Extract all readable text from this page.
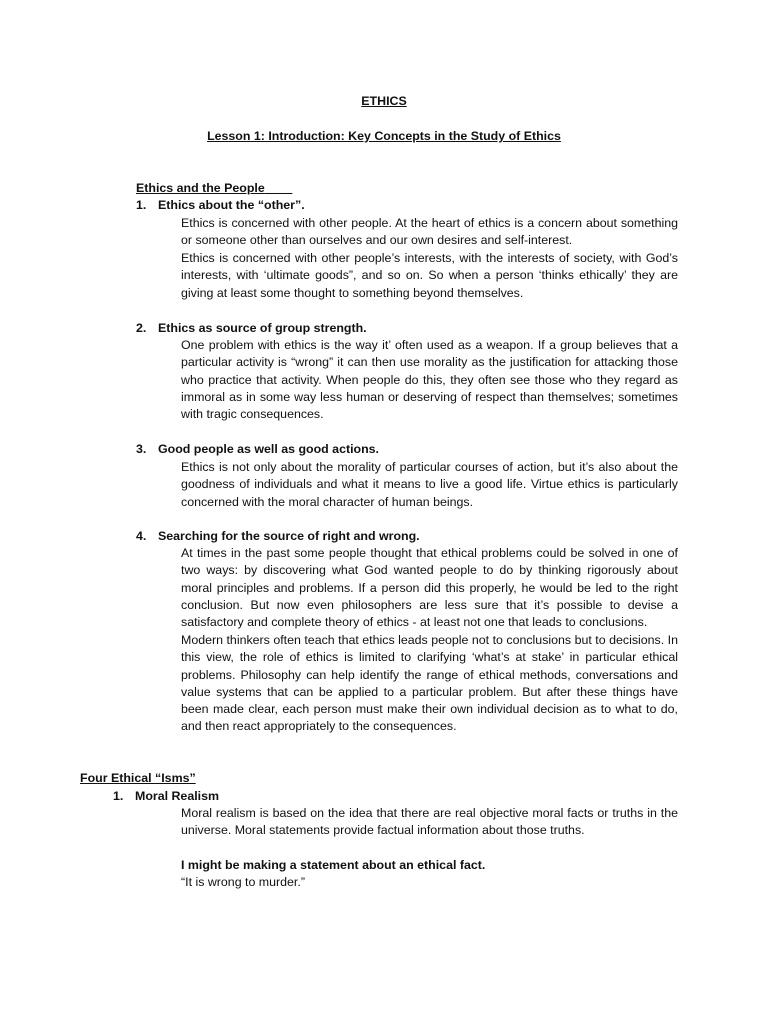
ETHICS
Lesson 1: Introduction: Key Concepts in the Study of Ethics
Ethics and the People
1. Ethics about the “other”.

Ethics is concerned with other people. At the heart of ethics is a concern about something or someone other than ourselves and our own desires and self-interest.

Ethics is concerned with other people’s interests, with the interests of society, with God’s interests, with ‘ultimate goods”, and so on. So when a person ‘thinks ethically’ they are giving at least some thought to something beyond themselves.

2. Ethics as source of group strength.

One problem with ethics is the way it’ often used as a weapon. If a group believes that a particular activity is “wrong” it can then use morality as the justification for attacking those who practice that activity. When people do this, they often see those who they regard as immoral as in some way less human or deserving of respect than themselves; sometimes with tragic consequences.

3. Good people as well as good actions.

Ethics is not only about the morality of particular courses of action, but it’s also about the goodness of individuals and what it means to live a good life. Virtue ethics is particularly concerned with the moral character of human beings.

4. Searching for the source of right and wrong.

At times in the past some people thought that ethical problems could be solved in one of two ways: by discovering what God wanted people to do by thinking rigorously about moral principles and problems. If a person did this properly, he would be led to the right conclusion. But now even philosophers are less sure that it’s possible to devise a satisfactory and complete theory of ethics - at least not one that leads to conclusions.

Modern thinkers often teach that ethics leads people not to conclusions but to decisions. In this view, the role of ethics is limited to clarifying ‘what’s at stake’ in particular ethical problems. Philosophy can help identify the range of ethical methods, conversations and value systems that can be applied to a particular problem. But after these things have been made clear, each person must make their own individual decision as to what to do, and then react appropriately to the consequences.

Four Ethical “Isms”
1. Moral Realism

Moral realism is based on the idea that there are real objective moral facts or truths in the universe. Moral statements provide factual information about those truths.

I might be making a statement about an ethical fact.

“It is wrong to murder.”
